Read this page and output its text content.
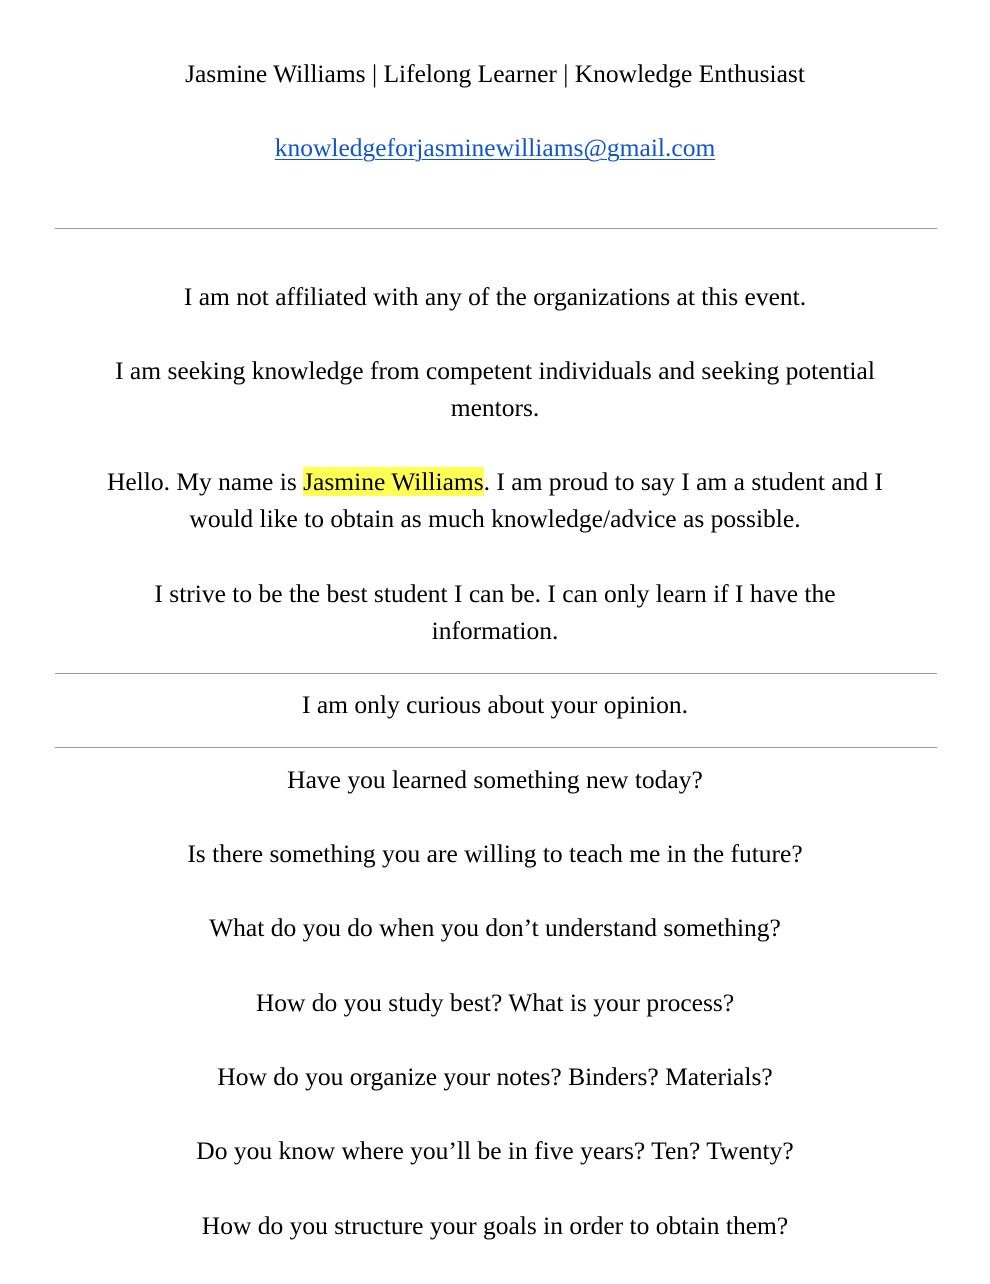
Jasmine Williams | Lifelong Learner | Knowledge Enthusiast

knowledgeforjasminewilliams@gmail.com

I am not affiliated with any of the organizations at this event.

I am seeking knowledge from competent individuals and seeking potential

mentors.

Hello. My name is Jasmine Williams. I am proud to say I am a student and I

would like to obtain as much knowledge/advice as possible.

I strive to be the best student I can be. I can only learn if I have the

information.

I am only curious about your opinion.

Have you learned something new today?

Is there something you are willing to teach me in the future?

What do you do when you don’t understand something?

How do you study best? What is your process?

How do you organize your notes? Binders? Materials?

Do you know where you’ll be in five years? Ten? Twenty?

How do you structure your goals in order to obtain them?
